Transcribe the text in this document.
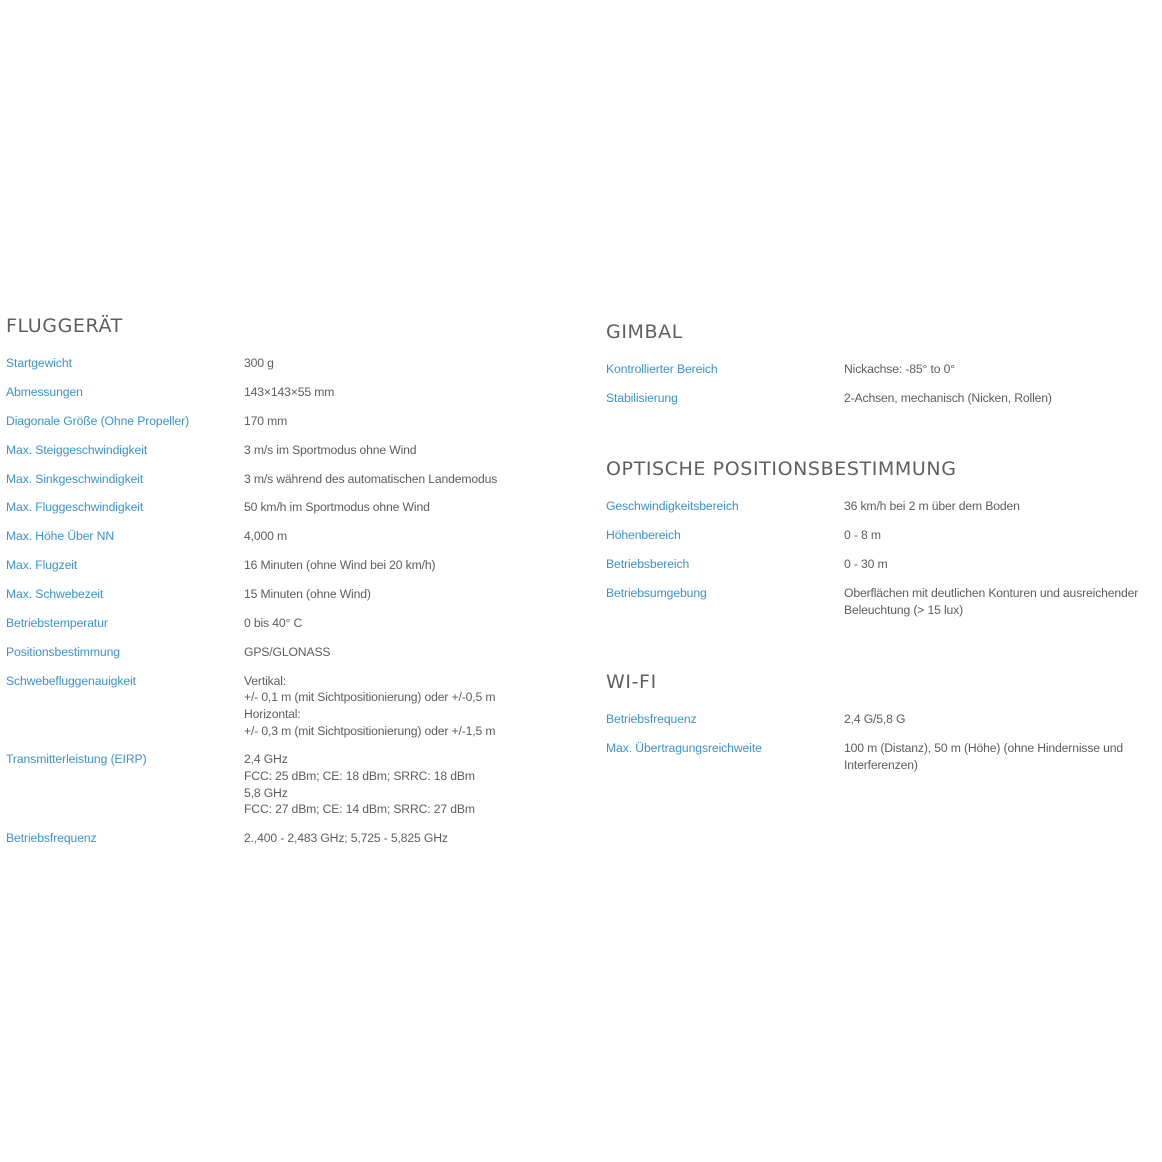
FLUGGERÄT
Startgewicht	300 g
Abmessungen	143×143×55 mm
Diagonale Größe (Ohne Propeller)	170 mm
Max. Steiggeschwindigkeit	3 m/s im Sportmodus ohne Wind
Max. Sinkgeschwindigkeit	3 m/s während des automatischen Landemodus
Max. Fluggeschwindigkeit	50 km/h im Sportmodus ohne Wind
Max. Höhe Über NN	4,000 m
Max. Flugzeit	16 Minuten (ohne Wind bei 20 km/h)
Max. Schwebezeit	15 Minuten (ohne Wind)
Betriebstemperatur	0 bis 40° C
Positionsbestimmung	GPS/GLONASS
Schwebefluggenauigkeit	Vertikal:
+/- 0,1 m (mit Sichtpositionierung) oder +/-0,5 m
Horizontal:
+/- 0,3 m (mit Sichtpositionierung) oder +/-1,5 m
Transmitterleistung (EIRP)	2,4 GHz
FCC: 25 dBm; CE: 18 dBm; SRRC: 18 dBm
5,8 GHz
FCC: 27 dBm; CE: 14 dBm; SRRC: 27 dBm
Betriebsfrequenz	2.,400 - 2,483 GHz; 5,725 - 5,825 GHz
GIMBAL
Kontrollierter Bereich	Nickachse: -85° to 0°
Stabilisierung	2-Achsen, mechanisch (Nicken, Rollen)
OPTISCHE POSITIONSBESTIMMUNG
Geschwindigkeitsbereich	36 km/h bei 2 m über dem Boden
Höhenbereich	0 - 8 m
Betriebsbereich	0 - 30 m
Betriebsumgebung	Oberflächen mit deutlichen Konturen und ausreichender
Beleuchtung (> 15 lux)
WI-FI
Betriebsfrequenz	2,4 G/5,8 G
Max. Übertragungsreichweite	100 m (Distanz), 50 m (Höhe) (ohne Hindernisse und
Interferenzen)
